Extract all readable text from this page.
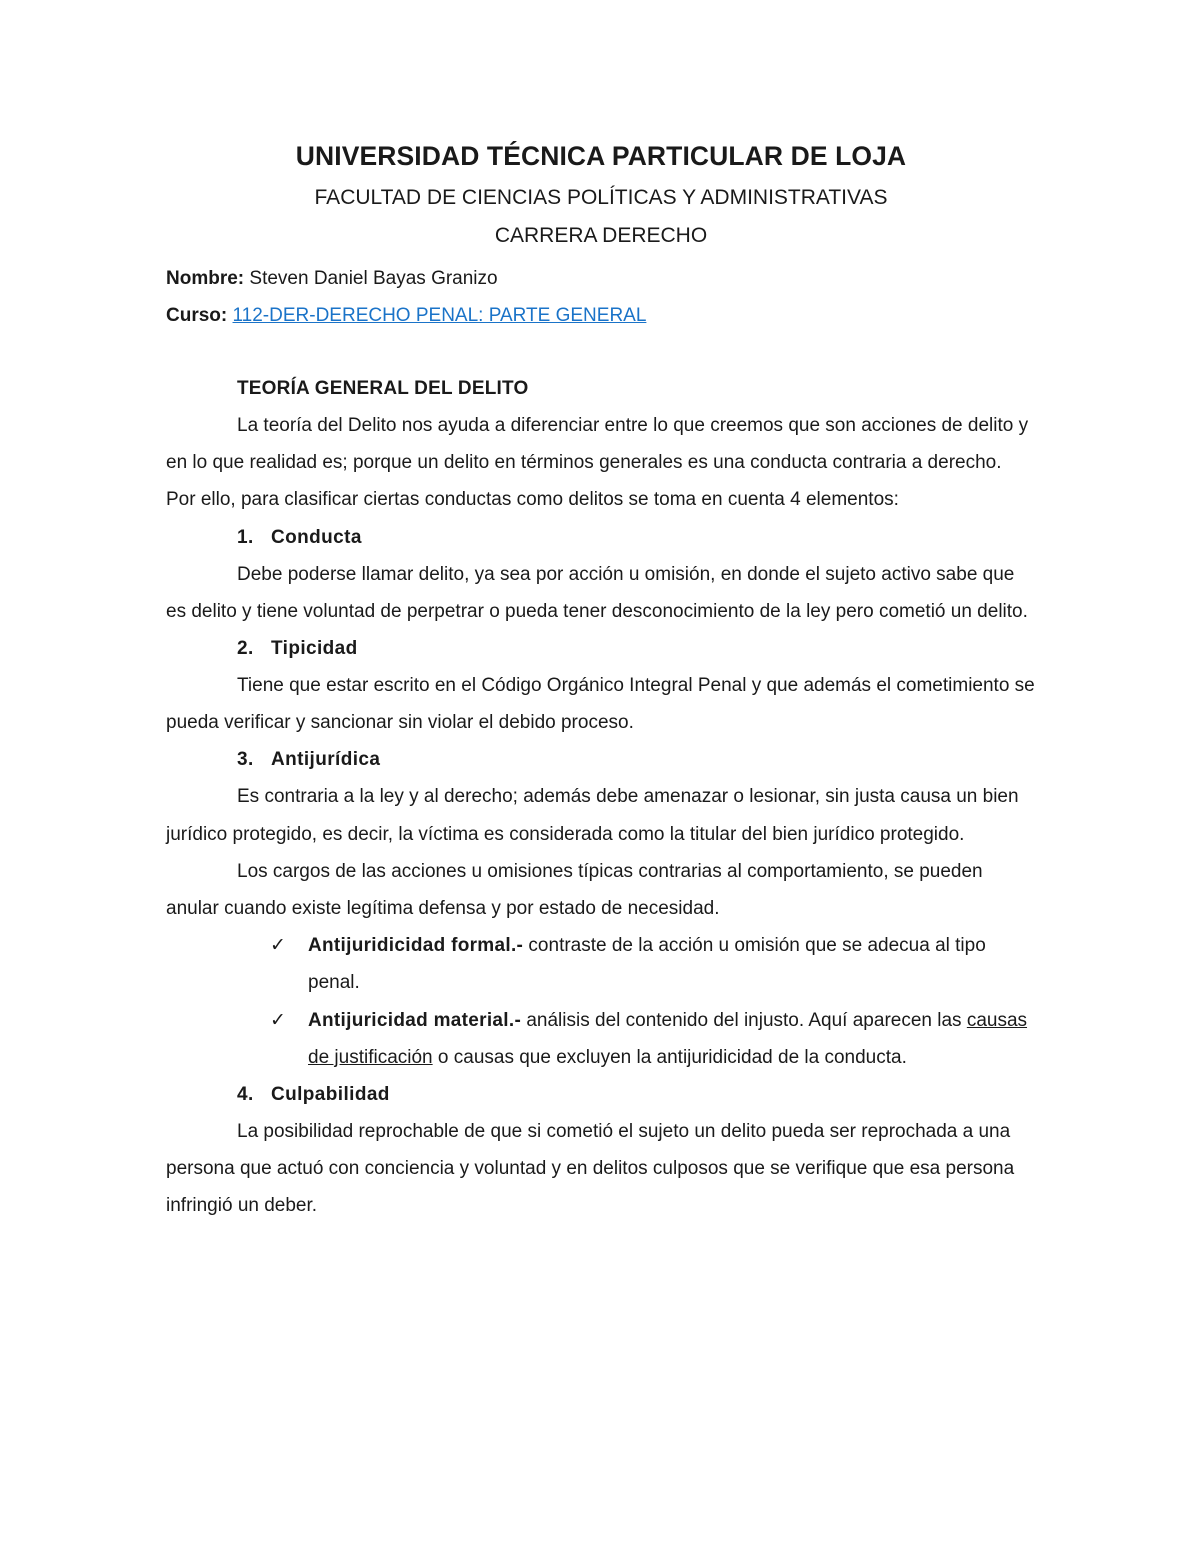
UNIVERSIDAD TÉCNICA PARTICULAR DE LOJA
FACULTAD DE CIENCIAS POLÍTICAS Y ADMINISTRATIVAS
CARRERA DERECHO
Nombre: Steven Daniel Bayas Granizo
Curso: 112-DER-DERECHO PENAL: PARTE GENERAL
TEORÍA GENERAL DEL DELITO

La teoría del Delito nos ayuda a diferenciar entre lo que creemos que son acciones de delito y en lo que realidad es; porque un delito en términos generales es una conducta contraria a derecho. Por ello, para clasificar ciertas conductas como delitos se toma en cuenta 4 elementos:

1. Conducta

Debe poderse llamar delito, ya sea por acción u omisión, en donde el sujeto activo sabe que es delito y tiene voluntad de perpetrar o pueda tener desconocimiento de la ley pero cometió un delito.

2. Tipicidad

Tiene que estar escrito en el Código Orgánico Integral Penal y que además el cometimiento se pueda verificar y sancionar sin violar el debido proceso.

3. Antijurídica

Es contraria a la ley y al derecho; además debe amenazar o lesionar, sin justa causa un bien jurídico protegido, es decir, la víctima es considerada como la titular del bien jurídico protegido.

Los cargos de las acciones u omisiones típicas contrarias al comportamiento, se pueden anular cuando existe legítima defensa y por estado de necesidad.

✓ Antijuridicidad formal.- contraste de la acción u omisión que se adecua al tipo penal.
✓ Antijuricidad material.- análisis del contenido del injusto. Aquí aparecen las causas de justificación o causas que excluyen la antijuridicidad de la conducta.
4. Culpabilidad

La posibilidad reprochable de que si cometió el sujeto un delito pueda ser reprochada a una persona que actuó con conciencia y voluntad y en delitos culposos que se verifique que esa persona infringió un deber.
